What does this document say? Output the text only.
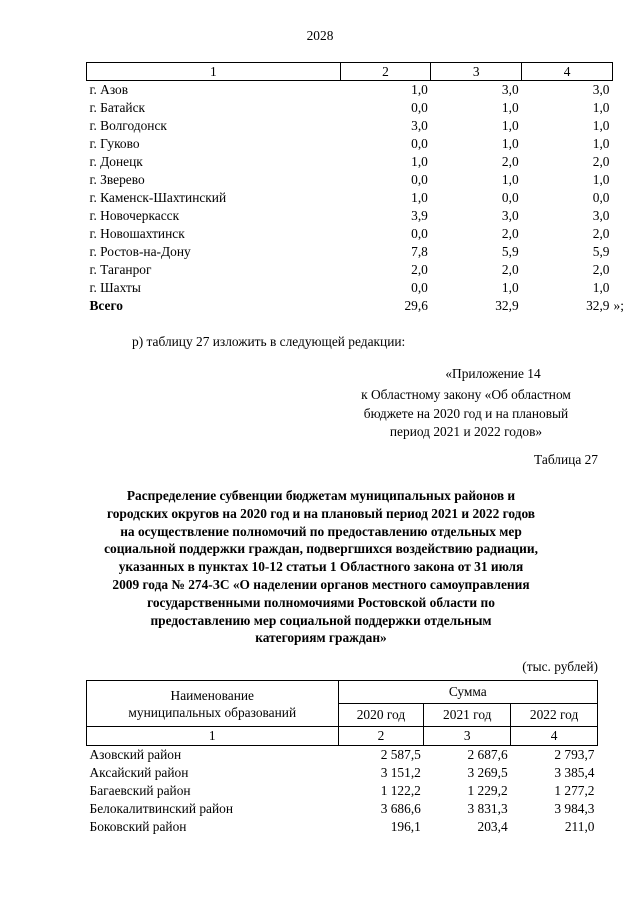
2028
1	2	3	4
г. Азов	1,0	3,0	3,0
г. Батайск	0,0	1,0	1,0
г. Волгодонск	3,0	1,0	1,0
г. Гуково	0,0	1,0	1,0
г. Донецк	1,0	2,0	2,0
г. Зверево	0,0	1,0	1,0
г. Каменск-Шахтинский	1,0	0,0	0,0
г. Новочеркасск	3,9	3,0	3,0
г. Новошахтинск	0,0	2,0	2,0
г. Ростов-на-Дону	7,8	5,9	5,9
г. Таганрог	2,0	2,0	2,0
г. Шахты	0,0	1,0	1,0
Всего	29,6	32,9	32,9 »;
р) таблицу 27 изложить в следующей редакции:
«Приложение 14
к Областному закону «Об областном
бюджете на 2020 год и на плановый
период 2021 и 2022 годов»
Таблица 27
Распределение субвенции бюджетам муниципальных районов и
городских округов на 2020 год и на плановый период 2021 и 2022 годов
на осуществление полномочий по предоставлению отдельных мер
социальной поддержки граждан, подвергшихся воздействию радиации,
указанных в пунктах 10-12 статьи 1 Областного закона от 31 июля
2009 года № 274-ЗС «О наделении органов местного самоуправления
государственными полномочиями Ростовской области по
предоставлению мер социальной поддержки отдельным
категориям граждан»
(тыс. рублей)
Наименование
муниципальных образований	Сумма		
	2020 год	2021 год	2022 год
1	2	3	4
Азовский район	2 587,5	2 687,6	2 793,7
Аксайский район	3 151,2	3 269,5	3 385,4
Багаевский район	1 122,2	1 229,2	1 277,2
Белокалитвинский район	3 686,6	3 831,3	3 984,3
Боковский район	196,1	203,4	211,0
